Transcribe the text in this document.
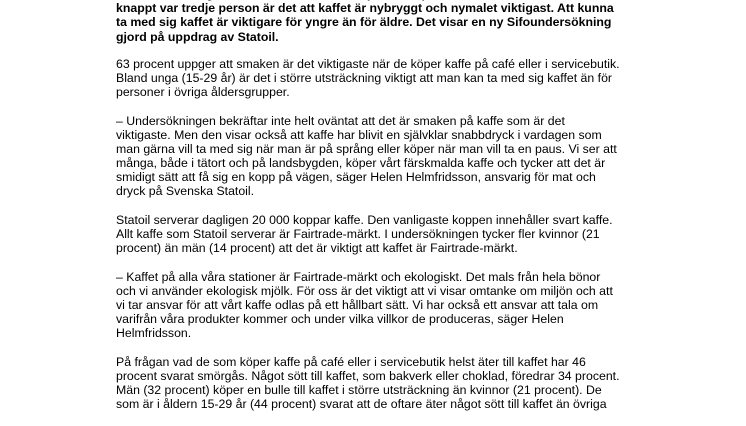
knappt var tredje person är det att kaffet är nybryggt och nymalet viktigast. Att kunna
ta med sig kaffet är viktigare för yngre än för äldre. Det visar en ny Sifoundersökning
gjord på uppdrag av Statoil.
63 procent uppger att smaken är det viktigaste när de köper kaffe på café eller i servicebutik.
Bland unga (15-29 år) är det i större utsträckning viktigt att man kan ta med sig kaffet än för
personer i övriga åldersgrupper.
– Undersökningen bekräftar inte helt oväntat att det är smaken på kaffe som är det
viktigaste. Men den visar också att kaffe har blivit en självklar snabbdryck i vardagen som
man gärna vill ta med sig när man är på språng eller köper när man vill ta en paus. Vi ser att
många, både i tätort och på landsbygden, köper vårt färskmalda kaffe och tycker att det är
smidigt sätt att få sig en kopp på vägen, säger Helen Helmfridsson, ansvarig för mat och
dryck på Svenska Statoil.
Statoil serverar dagligen 20 000 koppar kaffe. Den vanligaste koppen innehåller svart kaffe.
Allt kaffe som Statoil serverar är Fairtrade-märkt. I undersökningen tycker fler kvinnor (21
procent) än män (14 procent) att det är viktigt att kaffet är Fairtrade-märkt.
– Kaffet på alla våra stationer är Fairtrade-märkt och ekologiskt. Det mals från hela bönor
och vi använder ekologisk mjölk. För oss är det viktigt att vi visar omtanke om miljön och att
vi tar ansvar för att vårt kaffe odlas på ett hållbart sätt. Vi har också ett ansvar att tala om
varifrån våra produkter kommer och under vilka villkor de produceras, säger Helen
Helmfridsson.
På frågan vad de som köper kaffe på café eller i servicebutik helst äter till kaffet har 46
procent svarat smörgås. Något sött till kaffet, som bakverk eller choklad, föredrar 34 procent.
Män (32 procent) köper en bulle till kaffet i större utsträckning än kvinnor (21 procent). De
som är i åldern 15-29 år (44 procent) svarat att de oftare äter något sött till kaffet än övriga
